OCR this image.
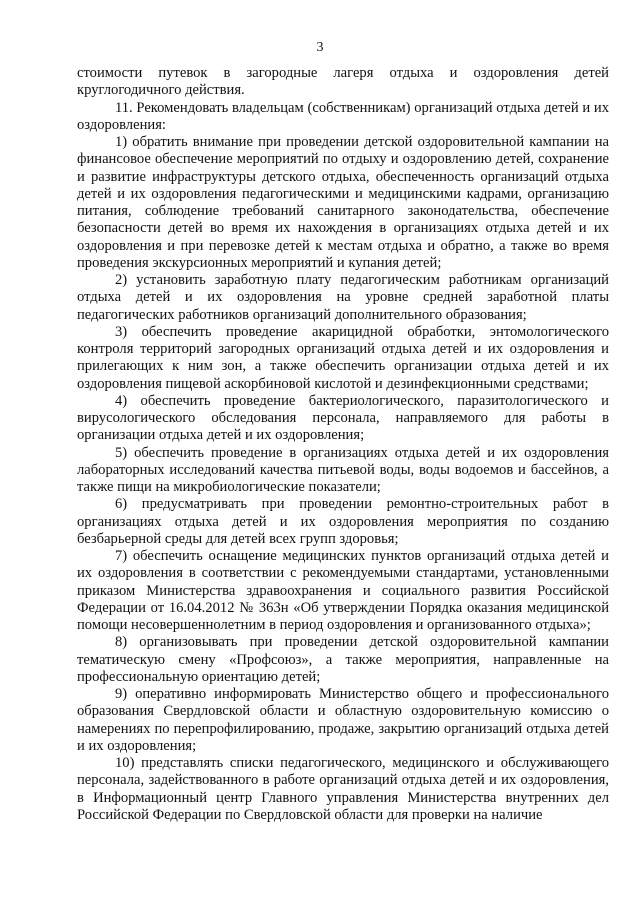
3

стоимости путевок в загородные лагеря отдыха и оздоровления детей круглогодичного действия.

11. Рекомендовать владельцам (собственникам) организаций отдыха детей и их оздоровления:

1) обратить внимание при проведении детской оздоровительной кампании на финансовое обеспечение мероприятий по отдыху и оздоровлению детей, сохранение и развитие инфраструктуры детского отдыха, обеспеченность организаций отдыха детей и их оздоровления педагогическими и медицинскими кадрами, организацию питания, соблюдение требований санитарного законодательства, обеспечение безопасности детей во время их нахождения в организациях отдыха детей и их оздоровления и при перевозке детей к местам отдыха и обратно, а также во время проведения экскурсионных мероприятий и купания детей;

2) установить заработную плату педагогическим работникам организаций отдыха детей и их оздоровления на уровне средней заработной платы педагогических работников организаций дополнительного образования;

3) обеспечить проведение акарицидной обработки, энтомологического контроля территорий загородных организаций отдыха детей и их оздоровления и прилегающих к ним зон, а также обеспечить организации отдыха детей и их оздоровления пищевой аскорбиновой кислотой и дезинфекционными средствами;

4) обеспечить проведение бактериологического, паразитологического и вирусологического обследования персонала, направляемого для работы в организации отдыха детей и их оздоровления;

5) обеспечить проведение в организациях отдыха детей и их оздоровления лабораторных исследований качества питьевой воды, воды водоемов и бассейнов, а также пищи на микробиологические показатели;

6) предусматривать при проведении ремонтно-строительных работ в организациях отдыха детей и их оздоровления мероприятия по созданию безбарьерной среды для детей всех групп здоровья;

7) обеспечить оснащение медицинских пунктов организаций отдыха детей и их оздоровления в соответствии с рекомендуемыми стандартами, установленными приказом Министерства здравоохранения и социального развития Российской Федерации от 16.04.2012 № 363н «Об утверждении Порядка оказания медицинской помощи несовершеннолетним в период оздоровления и организованного отдыха»;

8) организовывать при проведении детской оздоровительной кампании тематическую смену «Профсоюз», а также мероприятия, направленные на профессиональную ориентацию детей;

9) оперативно информировать Министерство общего и профессионального образования Свердловской области и областную оздоровительную комиссию о намерениях по перепрофилированию, продаже, закрытию организаций отдыха детей и их оздоровления;

10) представлять списки педагогического, медицинского и обслуживающего персонала, задействованного в работе организаций отдыха детей и их оздоровления, в Информационный центр Главного управления Министерства внутренних дел Российской Федерации по Свердловской области для проверки на наличие
